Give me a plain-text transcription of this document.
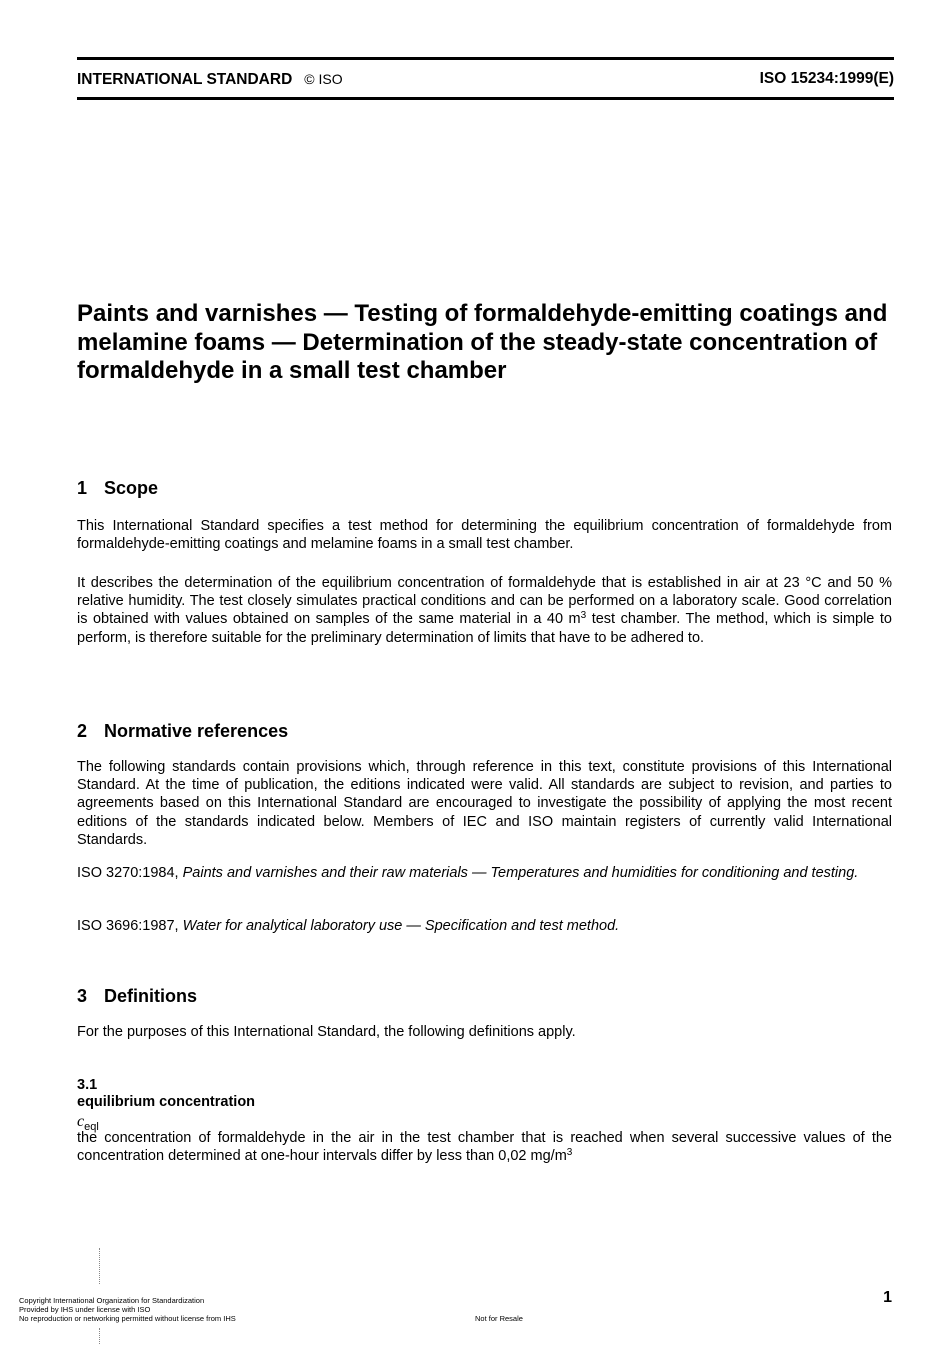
INTERNATIONAL STANDARD © ISO	ISO 15234:1999(E)
Paints and varnishes — Testing of formaldehyde-emitting coatings and melamine foams — Determination of the steady-state concentration of formaldehyde in a small test chamber
1 Scope

This International Standard specifies a test method for determining the equilibrium concentration of formaldehyde from formaldehyde-emitting coatings and melamine foams in a small test chamber.

It describes the determination of the equilibrium concentration of formaldehyde that is established in air at 23 °C and 50 % relative humidity. The test closely simulates practical conditions and can be performed on a laboratory scale. Good correlation is obtained with values obtained on samples of the same material in a 40 $m^3$ test chamber. The method, which is simple to perform, is therefore suitable for the preliminary determination of limits that have to be adhered to.

2 Normative references

The following standards contain provisions which, through reference in this text, constitute provisions of this International Standard. At the time of publication, the editions indicated were valid. All standards are subject to revision, and parties to agreements based on this International Standard are encouraged to investigate the possibility of applying the most recent editions of the standards indicated below. Members of IEC and ISO maintain registers of currently valid International Standards.

ISO 3270:1984, Paints and varnishes and their raw materials — Temperatures and humidities for conditioning and testing.

ISO 3696:1987, Water for analytical laboratory use — Specification and test method.

3 Definitions

For the purposes of this International Standard, the following definitions apply.

3.1
equilibrium concentration
$c_{eql}$

the concentration of formaldehyde in the air in the test chamber that is reached when several successive values of the concentration determined at one-hour intervals differ by less than 0,02 $mg/m^3$

Copyright International Organization for Standardization
Provided by IHS under license with ISO
No reproduction or networking permitted without license from IHS	Not for Resale
1
